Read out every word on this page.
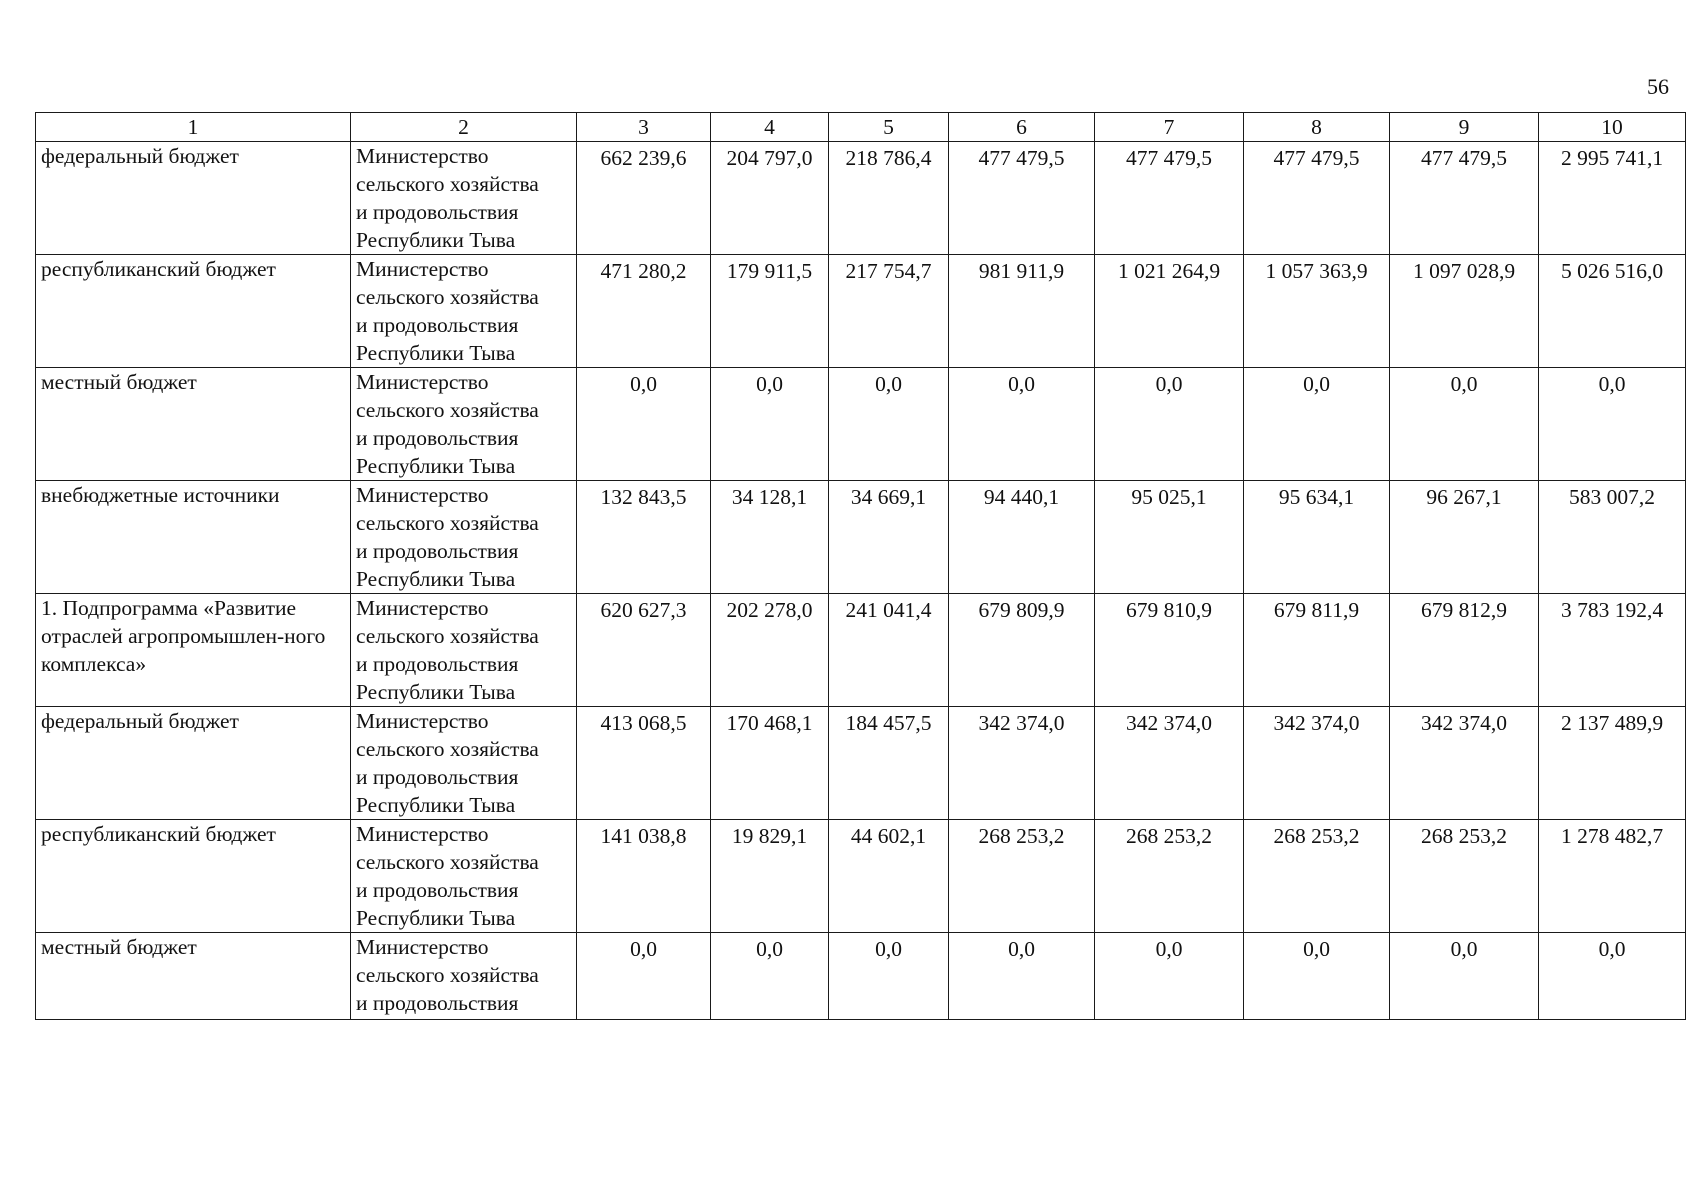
56
1	2	3	4	5	6	7	8	9	10
федеральный бюджет	Министерство
сельского хозяйства
и продовольствия
Республики Тыва	662 239,6	204 797,0	218 786,4	477 479,5	477 479,5	477 479,5	477 479,5	2 995 741,1
республиканский бюджет	Министерство
сельского хозяйства
и продовольствия
Республики Тыва	471 280,2	179 911,5	217 754,7	981 911,9	1 021 264,9	1 057 363,9	1 097 028,9	5 026 516,0
местный бюджет	Министерство
сельского хозяйства
и продовольствия
Республики Тыва	0,0	0,0	0,0	0,0	0,0	0,0	0,0	0,0
внебюджетные источники	Министерство
сельского хозяйства
и продовольствия
Республики Тыва	132 843,5	34 128,1	34 669,1	94 440,1	95 025,1	95 634,1	96 267,1	583 007,2
1. Подпрограмма «Развитие отраслей агропромышлен-ного комплекса»	Министерство
сельского хозяйства
и продовольствия
Республики Тыва	620 627,3	202 278,0	241 041,4	679 809,9	679 810,9	679 811,9	679 812,9	3 783 192,4
федеральный бюджет	Министерство
сельского хозяйства
и продовольствия
Республики Тыва	413 068,5	170 468,1	184 457,5	342 374,0	342 374,0	342 374,0	342 374,0	2 137 489,9
республиканский бюджет	Министерство
сельского хозяйства
и продовольствия
Республики Тыва	141 038,8	19 829,1	44 602,1	268 253,2	268 253,2	268 253,2	268 253,2	1 278 482,7
местный бюджет	Министерство
сельского хозяйства
и продовольствия	0,0	0,0	0,0	0,0	0,0	0,0	0,0	0,0
